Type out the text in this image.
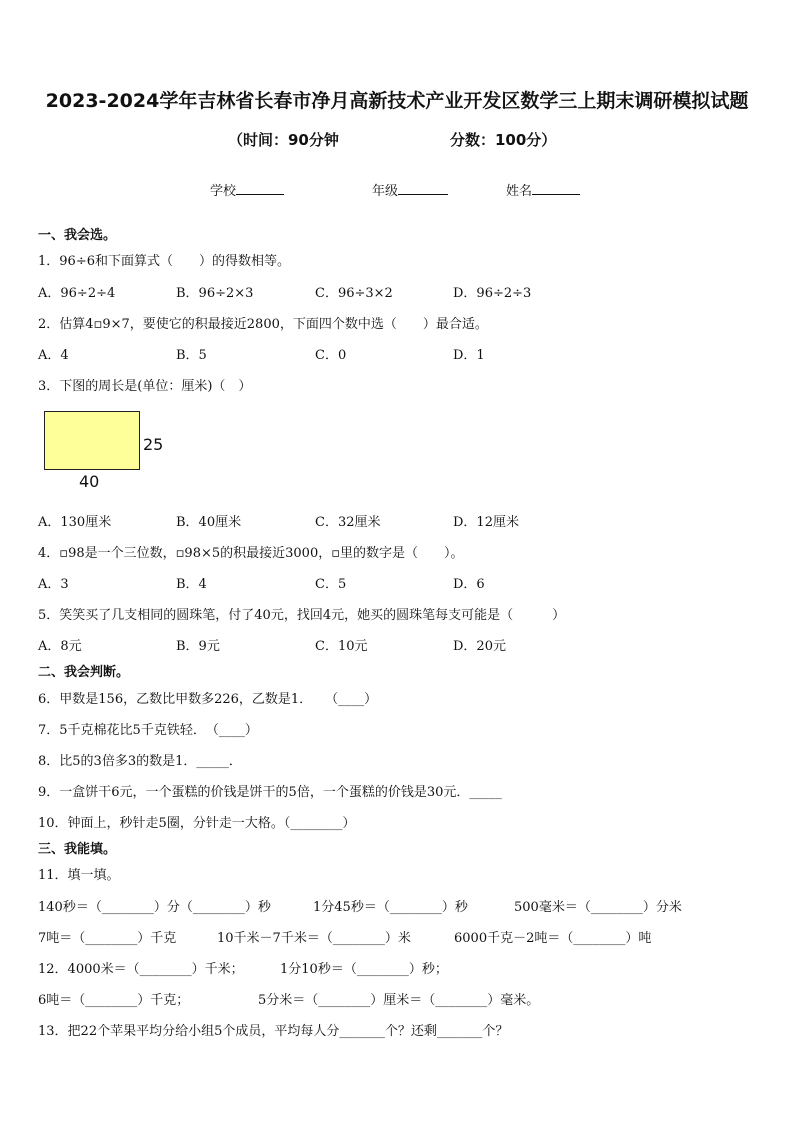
2023-2024学年吉林省长春市净月高新技术产业开发区数学三上期末调研模拟试题
（时间：90分钟	分数：100分）
学校	年级	姓名
一、我会选。
1．96÷6和下面算式（　　）的得数相等。
A．96÷2÷4	B．96÷2×3	C．96÷3×2	D．96÷2÷3
2．估算4▫9×7，要使它的积最接近2800，下面四个数中选（　　）最合适。
A．4	B．5	C．0	D．1
3．下图的周长是(单位：厘米)（　）
25
40
A．130厘米	B．40厘米	C．32厘米	D．12厘米
4．▫98是一个三位数，▫98×5的积最接近3000，▫里的数字是（　　）。
A．3	B．4	C．5	D．6
5．笑笑买了几支相同的圆珠笔，付了40元，找回4元，她买的圆珠笔每支可能是（　　　）
A．8元	B．9元	C．10元	D．20元
二、我会判断。
6．甲数是156，乙数比甲数多226，乙数是1．　　（____）
7．5千克棉花比5千克铁轻．　（____）
8．比5的3倍多3的数是1．_____．
9．一盒饼干6元，一个蛋糕的价钱是饼干的5倍，一个蛋糕的价钱是30元．_____
10．钟面上，秒针走5圈，分针走一大格。（________）
三、我能填。
11．填一填。
140秒＝（________）分（________）秒	1分45秒＝（________）秒	500毫米＝（________）分米
7吨＝（________）千克	10千米－7千米＝（________）米	6000千克－2吨＝（________）吨
12．4000米＝（________）千米；	1分10秒＝（________）秒；
6吨＝（________）千克；	5分米＝（________）厘米＝（________）毫米。
13．把22个苹果平均分给小组5个成员，平均每人分_______个？还剩_______个？
